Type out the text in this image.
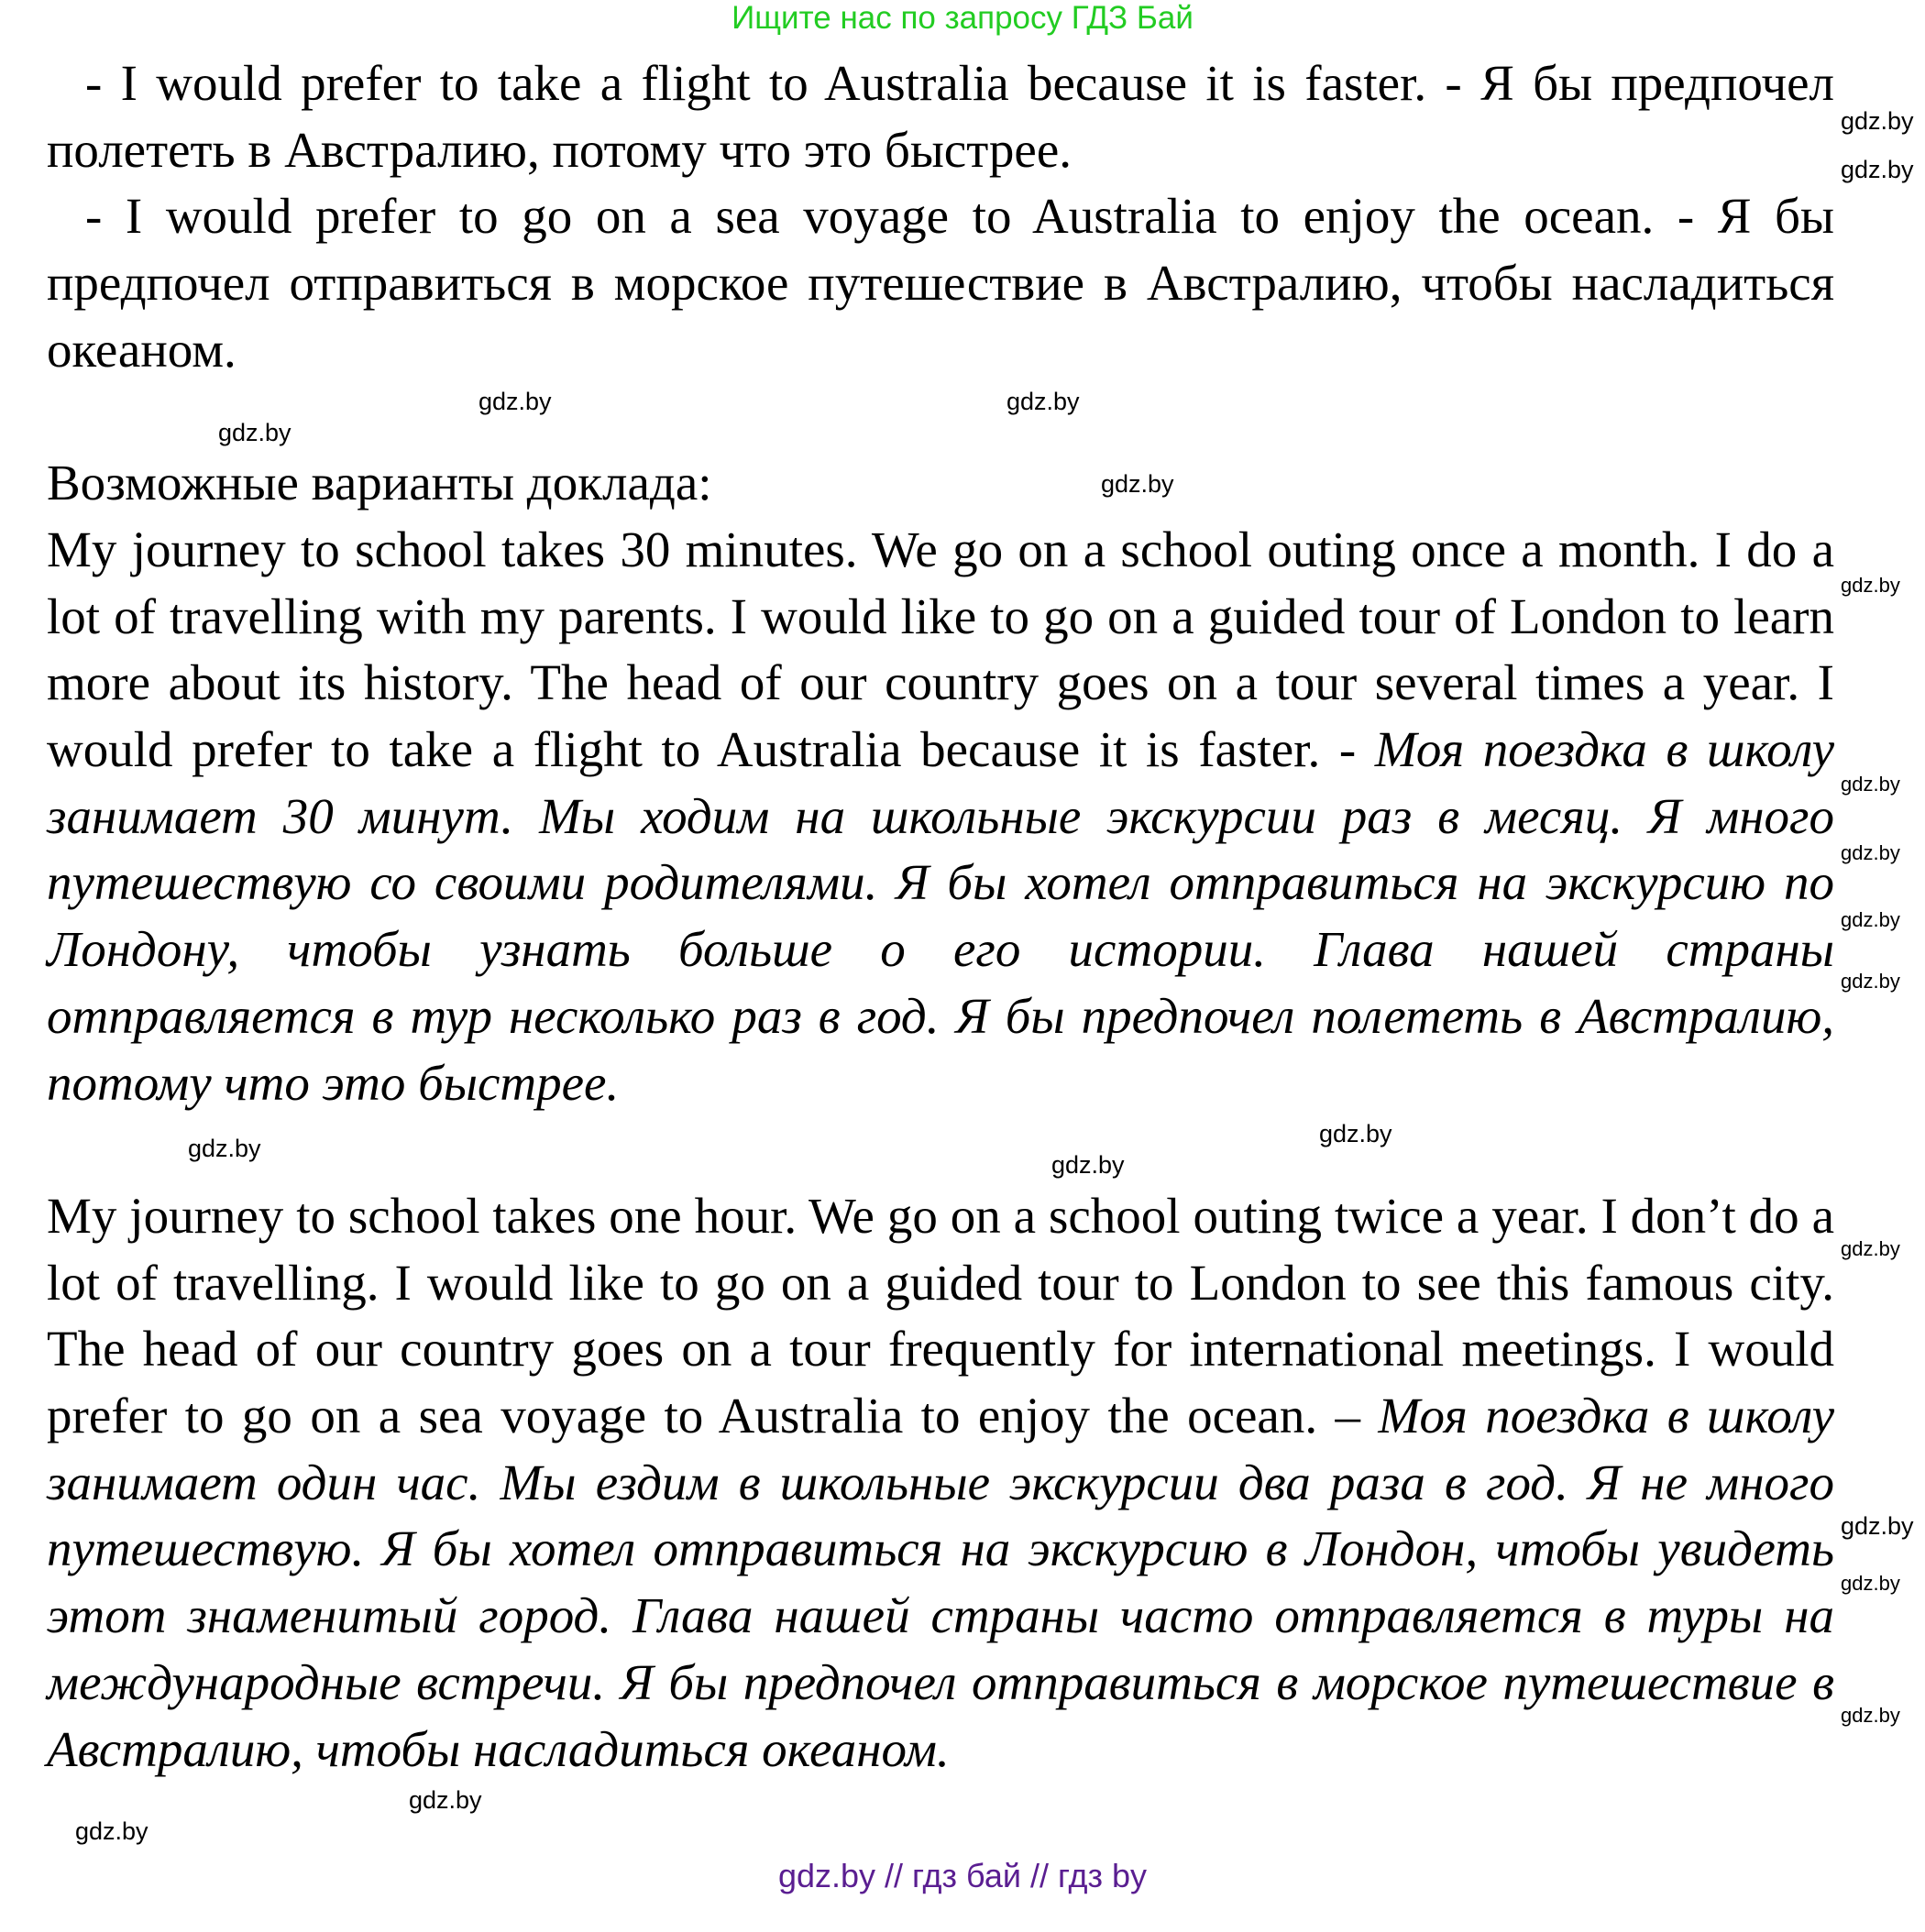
Ищите нас по запросу ГДЗ Бай

- I would prefer to take a flight to Australia because it is faster. - Я бы предпочел полететь в Австралию, потому что это быстрее.

- I would prefer to go on a sea voyage to Australia to enjoy the ocean. - Я бы предпочел отправиться в морское путешествие в Австралию, чтобы насладиться океаном.

gdz.by
gdz.by
gdz.by

Возможные варианты доклада:	gdz.by

My journey to school takes 30 minutes. We go on a school outing once a month. I do a lot of travelling with my parents. I would like to go on a guided tour of London to learn more about its history. The head of our country goes on a tour several times a year. I would prefer to take a flight to Australia because it is faster. - Моя поездка в школу занимает 30 минут. Мы ходим на школьные экскурсии раз в месяц. Я много путешествую со своими родителями. Я бы хотел отправиться на экскурсию по Лондону, чтобы узнать больше о его истории. Глава нашей страны отправляется в тур несколько раз в год. Я бы предпочел полететь в Австралию, потому что это быстрее.

gdz.by
gdz.by
gdz.by

My journey to school takes one hour. We go on a school outing twice a year. I don’t do a lot of travelling. I would like to go on a guided tour to London to see this famous city. The head of our country goes on a tour frequently for international meetings. I would prefer to go on a sea voyage to Australia to enjoy the ocean. – Моя поездка в школу занимает один час. Мы ездим в школьные экскурсии два раза в год. Я не много путешествую. Я бы хотел отправиться на экскурсию в Лондон, чтобы увидеть этот знаменитый город. Глава нашей страны часто отправляется в туры на международные встречи. Я бы предпочел отправиться в морское путешествие в Австралию, чтобы насладиться океаном.

gdz.by
gdz.by
gdz.by // гдз бай // гдз by
gdz.by
gdz.by
gdz.by
gdz.by
gdz.by
gdz.by
gdz.by
gdz.by
gdz.by
gdz.by
gdz.by
